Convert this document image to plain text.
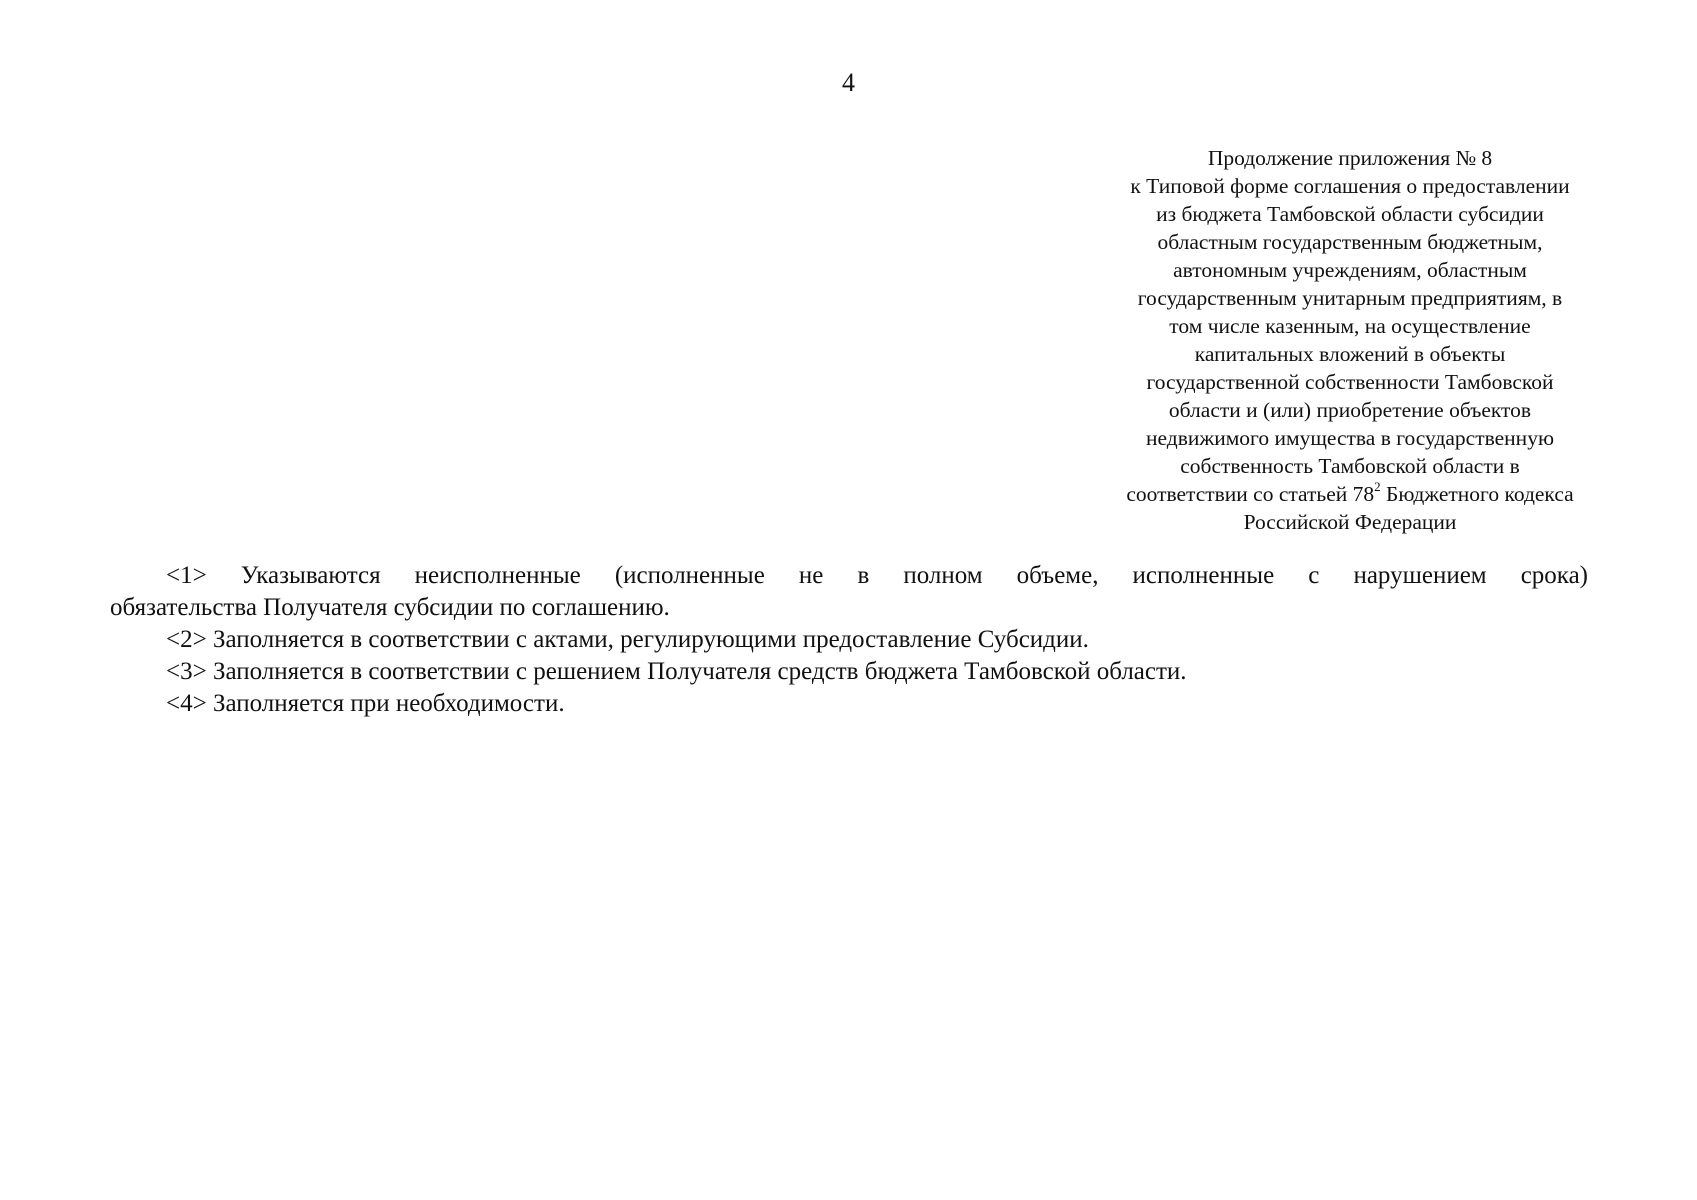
4
Продолжение приложения № 8
к Типовой форме соглашения о предоставлении
из бюджета Тамбовской области субсидии
областным государственным бюджетным,
автономным учреждениям, областным
государственным унитарным предприятиям, в
том числе казенным, на осуществление
капитальных вложений в объекты
государственной собственности Тамбовской
области и (или) приобретение объектов
недвижимого имущества в государственную
собственность Тамбовской области в
соответствии со статьей $78^2$ Бюджетного кодекса
Российской Федерации

<1> Указываются неисполненные (исполненные не в полном объеме, исполненные с нарушением срока)
обязательства Получателя субсидии по соглашению.

<2> Заполняется в соответствии с актами, регулирующими предоставление Субсидии.

<3> Заполняется в соответствии с решением Получателя средств бюджета Тамбовской области.

<4> Заполняется при необходимости.
